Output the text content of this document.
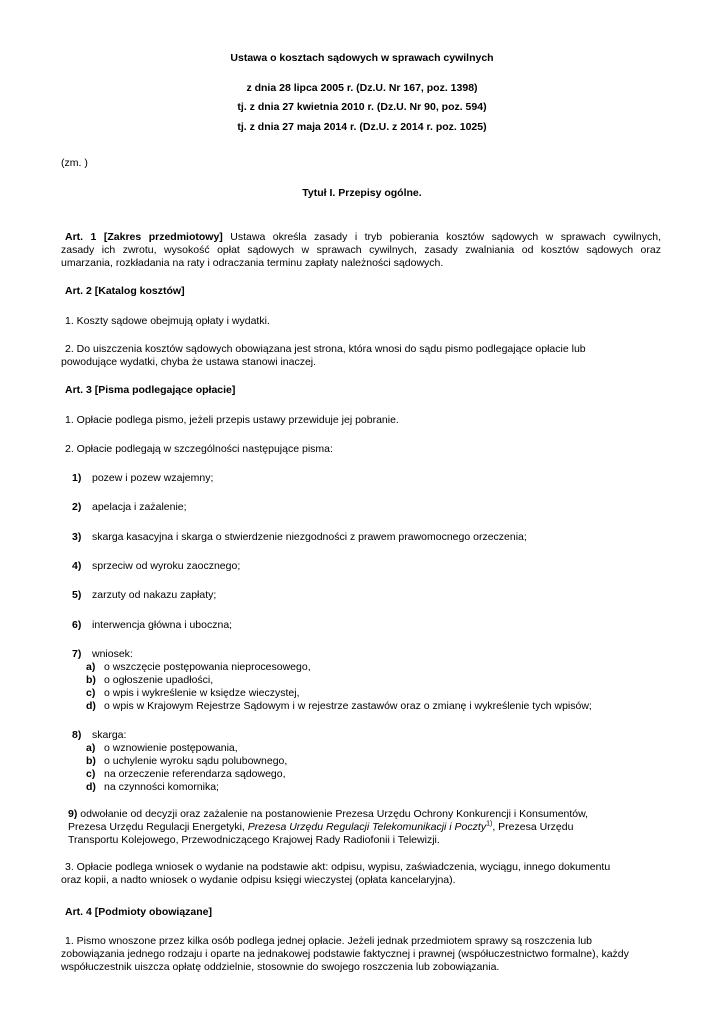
Ustawa o kosztach sądowych w sprawach cywilnych
z dnia 28 lipca 2005 r. (Dz.U. Nr 167, poz. 1398)
tj. z dnia 27 kwietnia 2010 r. (Dz.U. Nr 90, poz. 594)
tj. z dnia 27 maja 2014 r. (Dz.U. z 2014 r. poz. 1025)
(zm. )
Tytuł I. Przepisy ogólne.
Art. 1 [Zakres przedmiotowy] Ustawa określa zasady i tryb pobierania kosztów sądowych w sprawach cywilnych,
zasady ich zwrotu, wysokość opłat sądowych w sprawach cywilnych, zasady zwalniania od kosztów sądowych oraz
umarzania, rozkładania na raty i odraczania terminu zapłaty należności sądowych.
Art. 2 [Katalog kosztów]
1. Koszty sądowe obejmują opłaty i wydatki.
2. Do uiszczenia kosztów sądowych obowiązana jest strona, która wnosi do sądu pismo podlegające opłacie lub
powodujące wydatki, chyba że ustawa stanowi inaczej.
Art. 3 [Pisma podlegające opłacie]
1. Opłacie podlega pismo, jeżeli przepis ustawy przewiduje jej pobranie.
2. Opłacie podlegają w szczególności następujące pisma:
1) pozew i pozew wzajemny;
2) apelacja i zażalenie;
3) skarga kasacyjna i skarga o stwierdzenie niezgodności z prawem prawomocnego orzeczenia;
4) sprzeciw od wyroku zaocznego;
5) zarzuty od nakazu zapłaty;
6) interwencja główna i uboczna;
7) wniosek:
a) o wszczęcie postępowania nieprocesowego,
b) o ogłoszenie upadłości,
c) o wpis i wykreślenie w księdze wieczystej,
d) o wpis w Krajowym Rejestrze Sądowym i w rejestrze zastawów oraz o zmianę i wykreślenie tych wpisów;
8) skarga:
a) o wznowienie postępowania,
b) o uchylenie wyroku sądu polubownego,
c) na orzeczenie referendarza sądowego,
d) na czynności komornika;
9) odwołanie od decyzji oraz zażalenie na postanowienie Prezesa Urzędu Ochrony Konkurencji i Konsumentów,
Prezesa Urzędu Regulacji Energetyki, Prezesa Urzędu Regulacji Telekomunikacji i Poczty$^{1)}$, Prezesa Urzędu
Transportu Kolejowego, Przewodniczącego Krajowej Rady Radiofonii i Telewizji.
3. Opłacie podlega wniosek o wydanie na podstawie akt: odpisu, wypisu, zaświadczenia, wyciągu, innego dokumentu
oraz kopii, a nadto wniosek o wydanie odpisu księgi wieczystej (opłata kancelaryjna).
Art. 4 [Podmioty obowiązane]
1. Pismo wnoszone przez kilka osób podlega jednej opłacie. Jeżeli jednak przedmiotem sprawy są roszczenia lub
zobowiązania jednego rodzaju i oparte na jednakowej podstawie faktycznej i prawnej (współuczestnictwo formalne), każdy
współuczestnik uiszcza opłatę oddzielnie, stosownie do swojego roszczenia lub zobowiązania.
